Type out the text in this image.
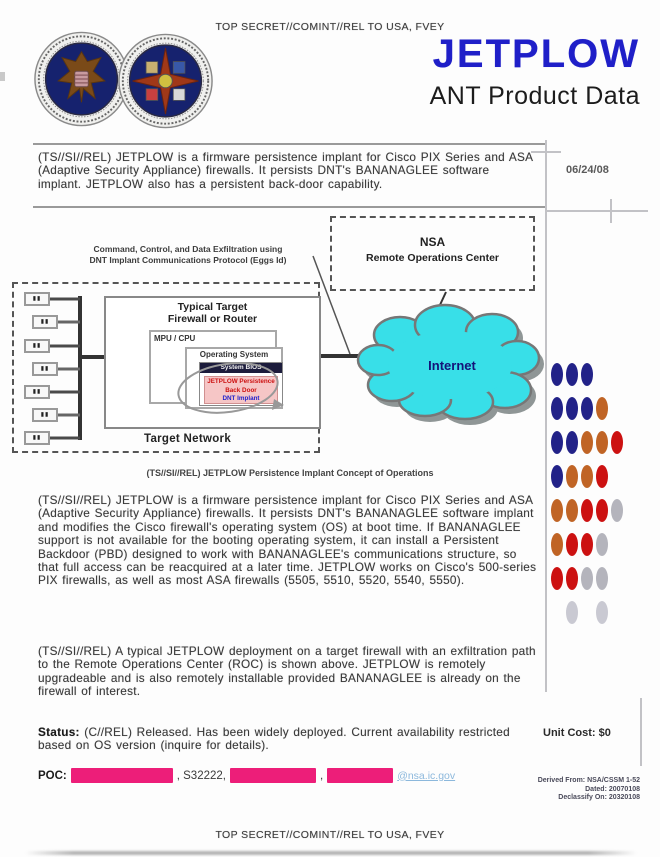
TOP SECRET//COMINT//REL TO USA, FVEY
JETPLOW
ANT Product Data
06/24/08
(TS//SI//REL) JETPLOW is a firmware persistence implant for Cisco PIX Series and ASA (Adaptive Security Appliance) firewalls. It persists DNT's BANANAGLEE software implant. JETPLOW also has a persistent back-door capability.
Internet
Command, Control, and Data Exfiltration using
DNT Implant Communications Protocol (Eggs Id)
NSA
Remote Operations Center
▮▮
▮▮
▮▮
▮▮
▮▮
▮▮
▮▮
Typical Target
Firewall or Router
MPU / CPU
Operating System
System BIOS
JETPLOW Persistence
Back Door
DNT Implant
Target Network
(TS//SI//REL) JETPLOW Persistence Implant Concept of Operations
(TS//SI//REL) JETPLOW is a firmware persistence implant for Cisco PIX Series and ASA (Adaptive Security Appliance) firewalls. It persists DNT's BANANAGLEE software implant and modifies the Cisco firewall's operating system (OS) at boot time. If BANANAGLEE support is not available for the booting operating system, it can install a Persistent Backdoor (PBD) designed to work with BANANAGLEE's communications structure, so that full access can be reacquired at a later time. JETPLOW works on Cisco's 500-series PIX firewalls, as well as most ASA firewalls (5505, 5510, 5520, 5540, 5550).
(TS//SI//REL) A typical JETPLOW deployment on a target firewall with an exfiltration path to the Remote Operations Center (ROC) is shown above. JETPLOW is remotely upgradeable and is also remotely installable provided BANANAGLEE is already on the firewall of interest.
Status: (C//REL) Released. Has been widely deployed. Current availability restricted based on OS version (inquire for details).
Unit Cost: $0
POC:	, S32222,	,	@nsa.ic.gov	Derived From: NSA/CSSM 1-52
Dated: 20070108
Declassify On: 20320108
TOP SECRET//COMINT//REL TO USA, FVEY
